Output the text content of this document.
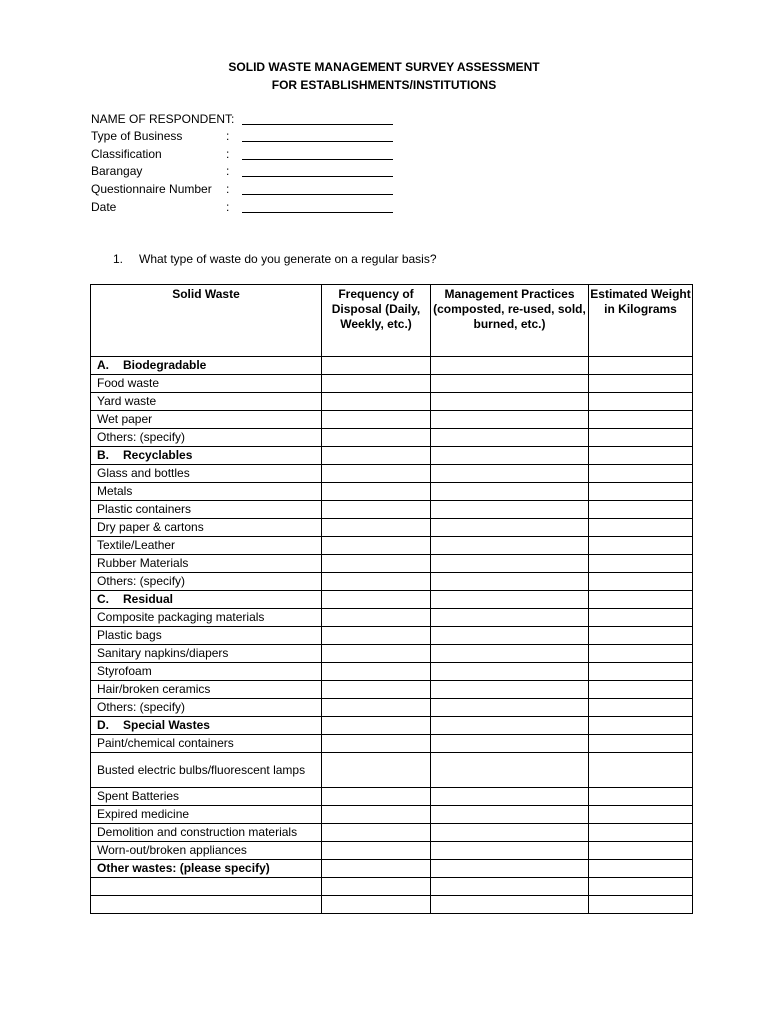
SOLID WASTE MANAGEMENT SURVEY ASSESSMENT
FOR ESTABLISHMENTS/INSTITUTIONS
NAME OF RESPONDENT:
Type of Business	:
Classification	:
Barangay	:
Questionnaire Number :
Date	:
1. What type of waste do you generate on a regular basis?
Solid Waste	Frequency of Disposal (Daily, Weekly, etc.)	Management Practices (composted, re-used, sold, burned, etc.)	Estimated Weight in Kilograms
A. Biodegradable			
Food waste			
Yard waste			
Wet paper			
Others: (specify)			
B. Recyclables			
Glass and bottles			
Metals			
Plastic containers			
Dry paper & cartons			
Textile/Leather			
Rubber Materials			
Others: (specify)			
C. Residual			
Composite packaging materials			
Plastic bags			
Sanitary napkins/diapers			
Styrofoam			
Hair/broken ceramics			
Others: (specify)			
D. Special Wastes			
Paint/chemical containers			
Busted electric bulbs/fluorescent lamps			
Spent Batteries			
Expired medicine			
Demolition and construction materials			
Worn-out/broken appliances			
Other wastes: (please specify)			
